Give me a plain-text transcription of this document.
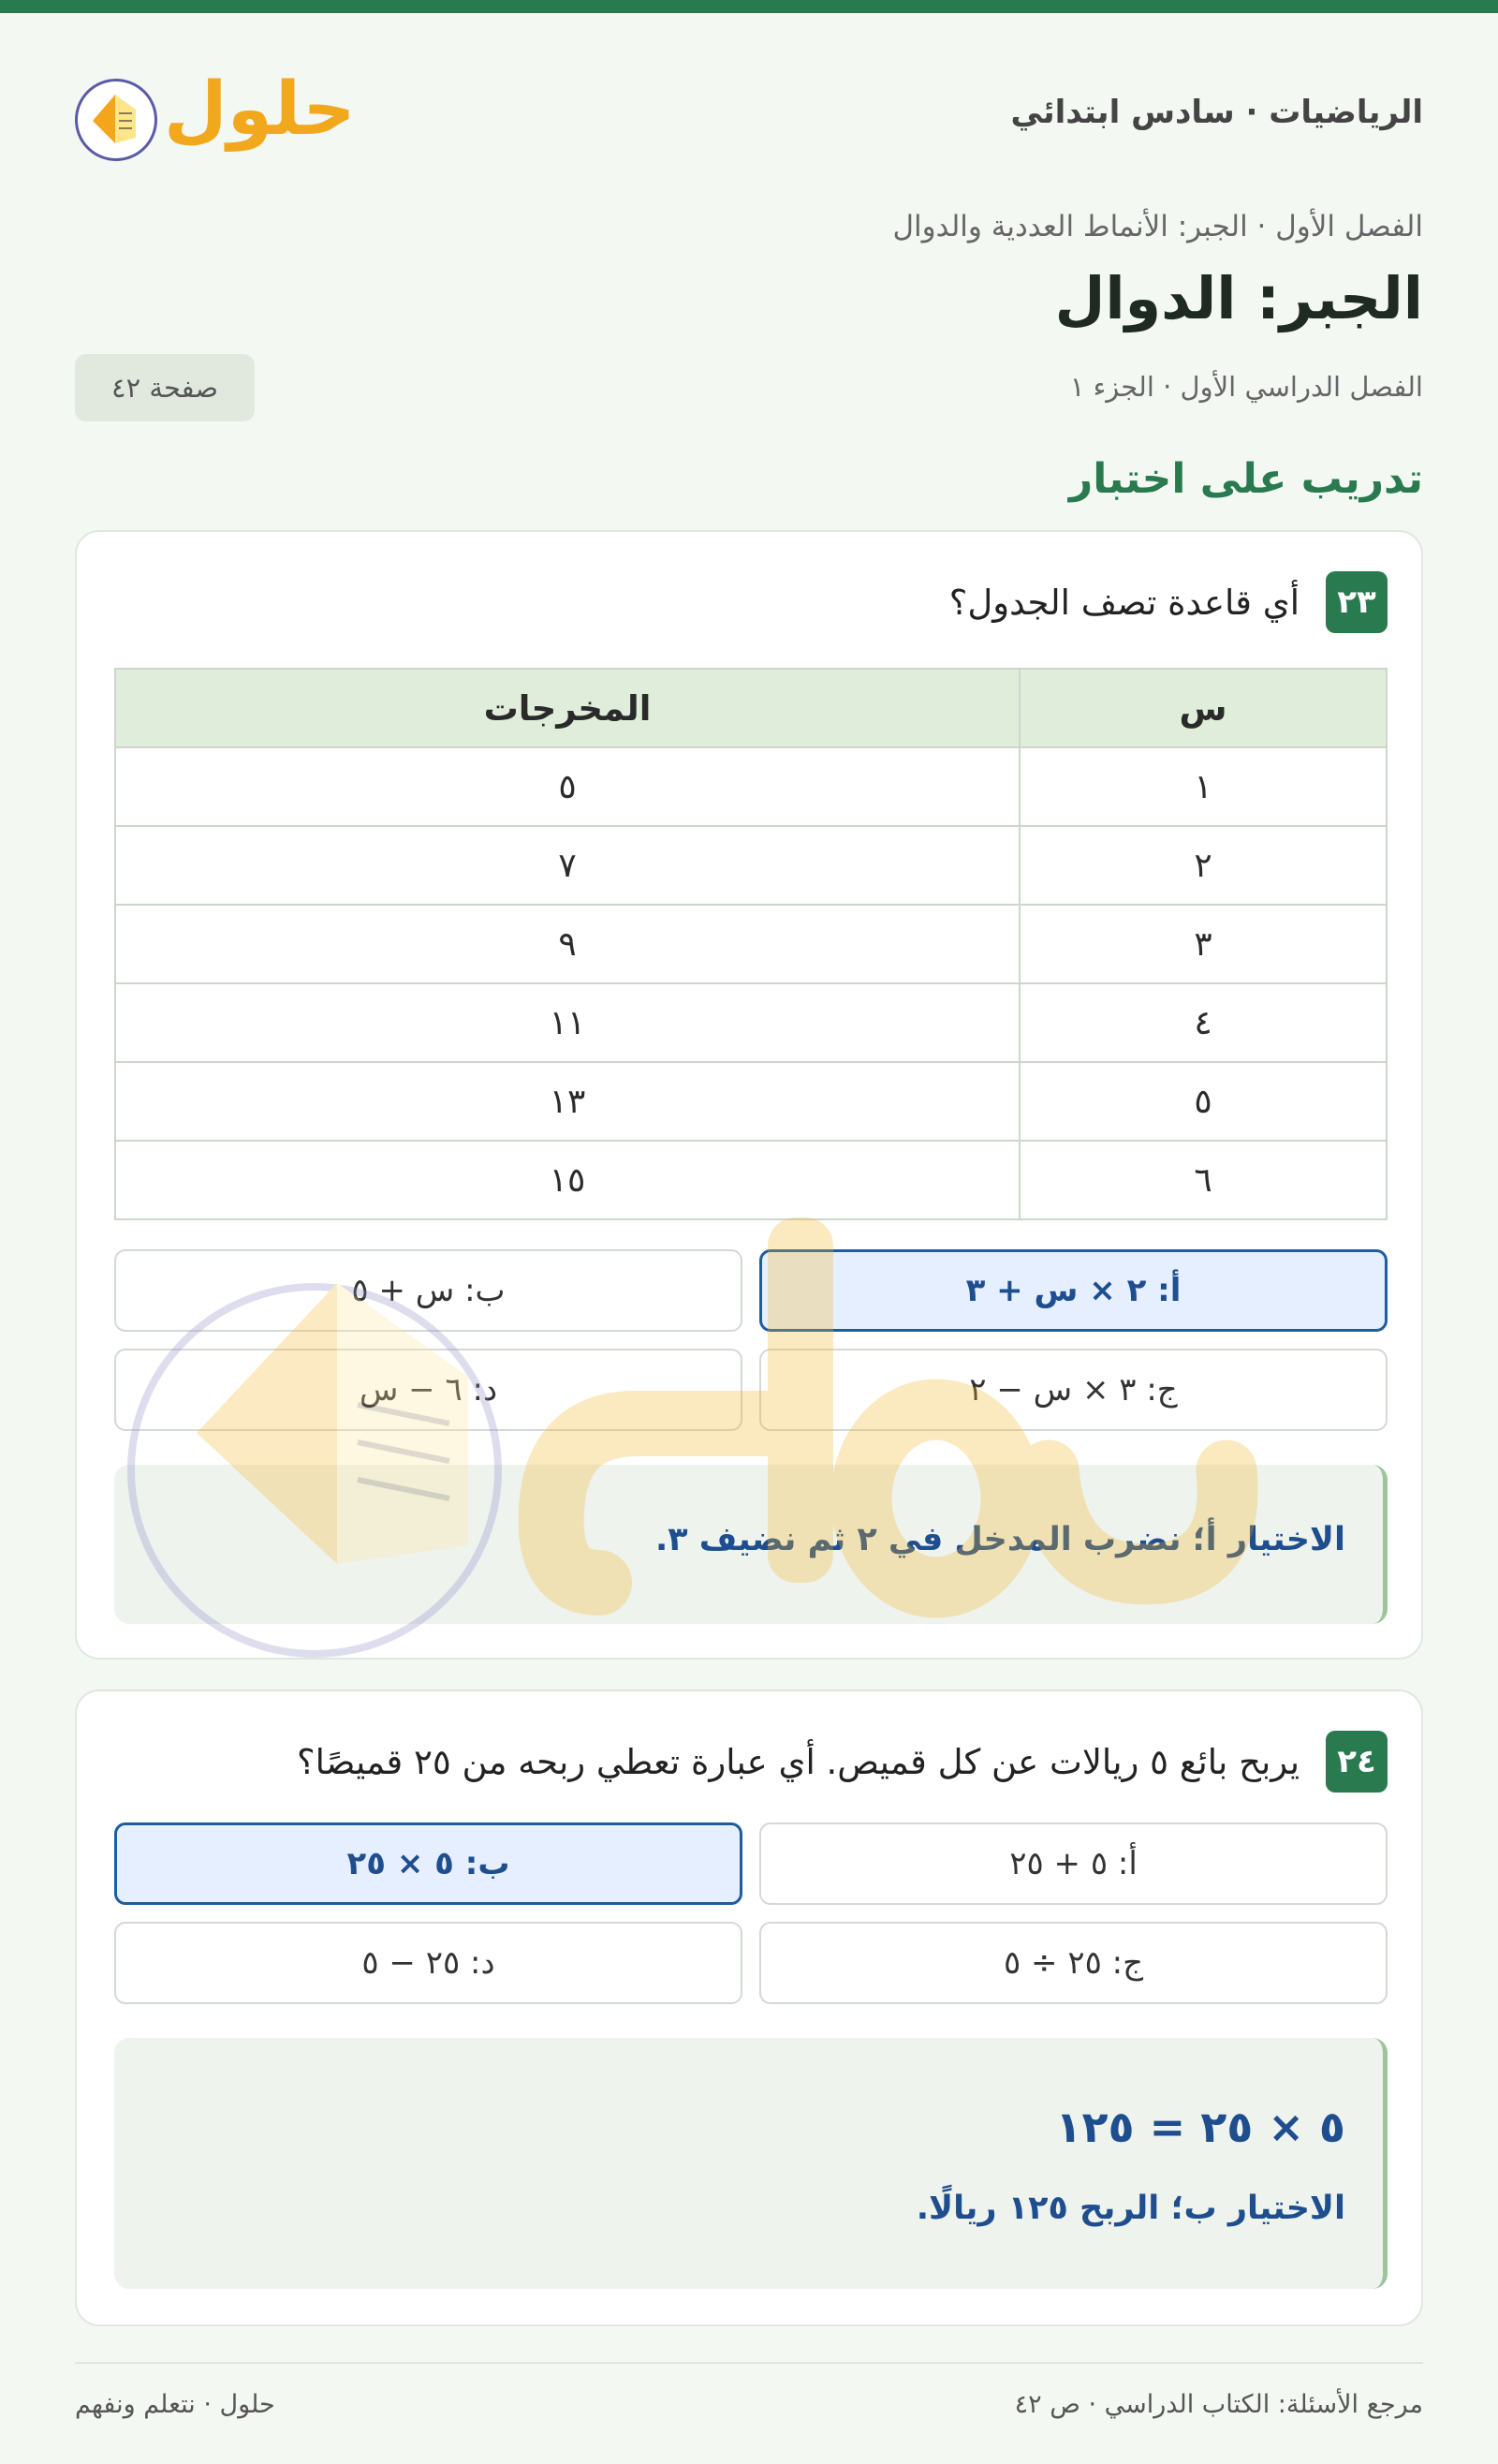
الرياضيات · سادس ابتدائي
حلول
الفصل الأول · الجبر: الأنماط العددية والدوال
الجبر: الدوال
الفصل الدراسي الأول · الجزء ١
صفحة ٤٢
تدريب على اختبار
٢٣
أي قاعدة تصف الجدول؟
س	المخرجات
١	٥
٢	٧
٣	٩
٤	١١
٥	١٣
٦	١٥
أ: ٢ × س + ٣
ب: س + ٥
ج: ٣ × س − ٢
د: ٦ − س
الاختيار أ؛ نضرب المدخل في ٢ ثم نضيف ٣.
٢٤
يربح بائع ٥ ريالات عن كل قميص. أي عبارة تعطي ربحه من ٢٥ قميصًا؟
أ: ٥ + ٢٥
ب: ٥ × ٢٥
ج: ٢٥ ÷ ٥
د: ٢٥ − ٥
٥ × ٢٥ = ١٢٥
الاختيار ب؛ الربح ١٢٥ ريالًا.
مرجع الأسئلة: الكتاب الدراسي · ص ٤٢
حلول · نتعلم ونفهم
